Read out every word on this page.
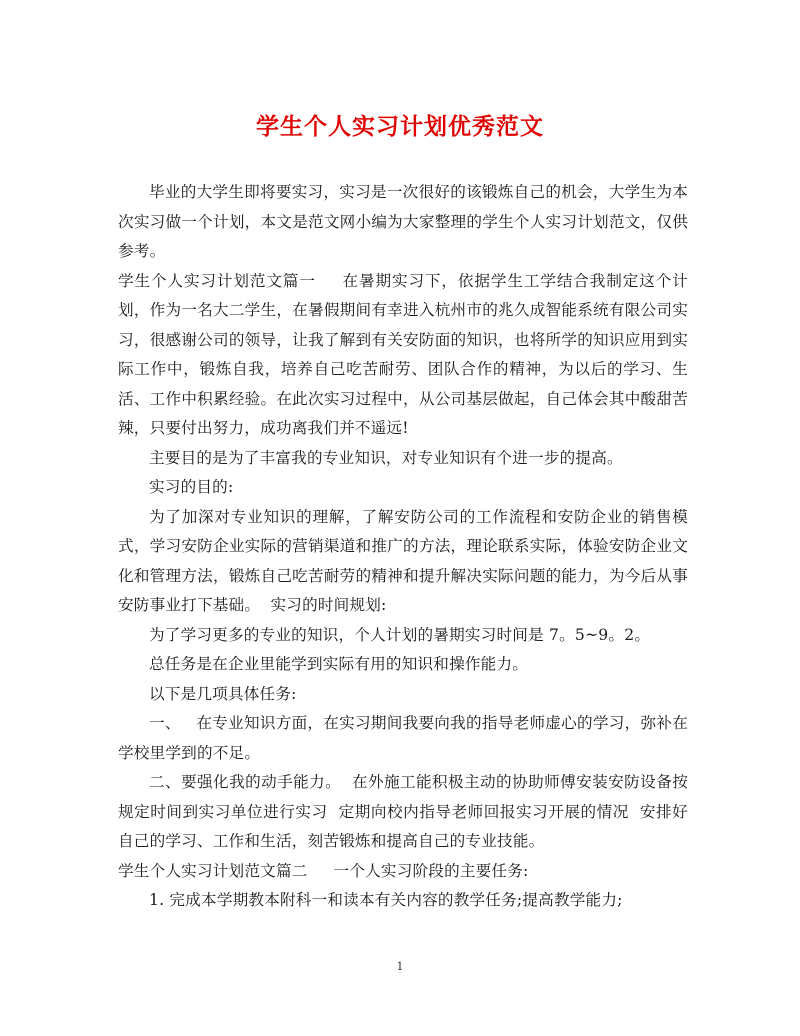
学生个人实习计划优秀范文

毕业的大学生即将要实习，实习是一次很好的该锻炼自己的机会，大学生为本次实习做一个计划，本文是范文网小编为大家整理的学生个人实习计划范文，仅供参考。

学生个人实习计划范文篇一 在暑期实习下，依据学生工学结合我制定这个计划，作为一名大二学生，在暑假期间有幸进入杭州市的兆久成智能系统有限公司实习，很感谢公司的领导，让我了解到有关安防面的知识，也将所学的知识应用到实际工作中，锻炼自我，培养自己吃苦耐劳、团队合作的精神，为以后的学习、生活、工作中积累经验。在此次实习过程中，从公司基层做起，自己体会其中酸甜苦辣，只要付出努力，成功离我们并不遥远!

主要目的是为了丰富我的专业知识，对专业知识有个进一步的提高。

实习的目的:

为了加深对专业知识的理解，了解安防公司的工作流程和安防企业的销售模式，学习安防企业实际的营销渠道和推广的方法，理论联系实际，体验安防企业文化和管理方法，锻炼自己吃苦耐劳的精神和提升解决实际问题的能力，为今后从事安防事业打下基础。 实习的时间规划:

为了学习更多的专业的知识，个人计划的暑期实习时间是 7。5~9。2。

总任务是在企业里能学到实际有用的知识和操作能力。

以下是几项具体任务:

一、 在专业知识方面，在实习期间我要向我的指导老师虚心的学习，弥补在学校里学到的不足。

二、要强化我的动手能力。 在外施工能积极主动的协助师傅安装安防设备按规定时间到实习单位进行实习 定期向校内指导老师回报实习开展的情况 安排好自己的学习、工作和生活，刻苦锻炼和提高自己的专业技能。

学生个人实习计划范文篇二 一个人实习阶段的主要任务:

1. 完成本学期教本附科一和读本有关内容的教学任务;提高教学能力;

1
